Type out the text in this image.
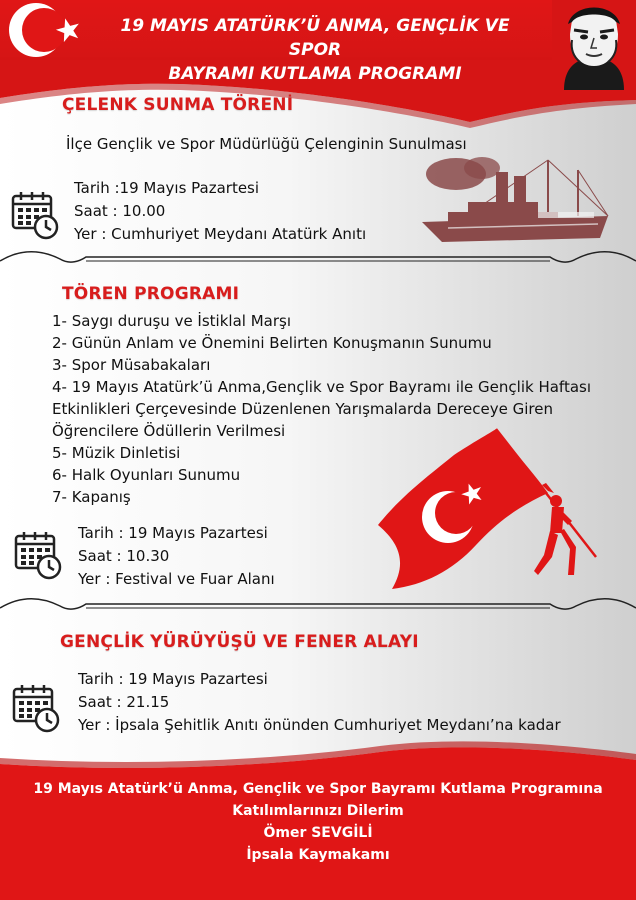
19 MAYIS ATATÜRK’Ü ANMA, GENÇLİK VE SPOR
BAYRAMI KUTLAMA PROGRAMI
ÇELENK SUNMA TÖRENİ
İlçe Gençlik ve Spor Müdürlüğü Çelenginin Sunulması
Tarih :19 Mayıs Pazartesi
Saat : 10.00
Yer : Cumhuriyet Meydanı Atatürk Anıtı
TÖREN PROGRAMI
1- Saygı duruşu ve İstiklal Marşı
2- Günün Anlam ve Önemini Belirten Konuşmanın Sunumu
3- Spor Müsabakaları
4- 19 Mayıs Atatürk’ü Anma,Gençlik ve Spor Bayramı ile Gençlik Haftası Etkinlikleri Çerçevesinde Düzenlenen Yarışmalarda Dereceye Giren Öğrencilere Ödüllerin Verilmesi
5- Müzik Dinletisi
6- Halk Oyunları Sunumu
7- Kapanış
Tarih : 19 Mayıs Pazartesi
Saat : 10.30
Yer : Festival ve Fuar Alanı
GENÇLİK YÜRÜYÜŞÜ VE FENER ALAYI
Tarih : 19 Mayıs Pazartesi
Saat : 21.15
Yer : İpsala Şehitlik Anıtı önünden Cumhuriyet Meydanı’na kadar
19 Mayıs Atatürk’ü Anma, Gençlik ve Spor Bayramı Kutlama Programına
Katılımlarınızı Dilerim
Ömer SEVGİLİ
İpsala Kaymakamı
